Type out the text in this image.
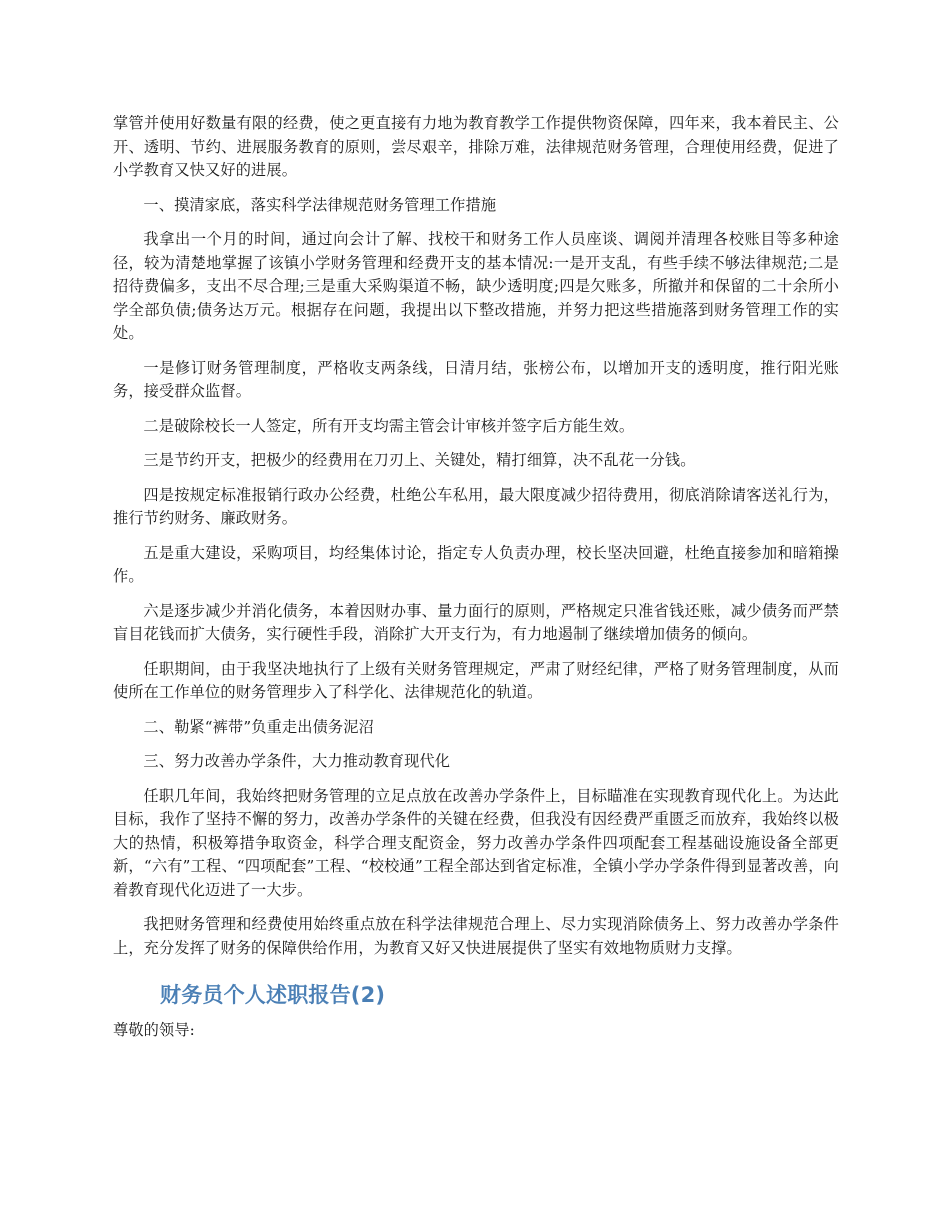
掌管并使用好数量有限的经费，使之更直接有力地为教育教学工作提供物资保障，四年来，我本着民主、公开、透明、节约、进展服务教育的原则，尝尽艰辛，排除万难，法律规范财务管理，合理使用经费，促进了小学教育又快又好的进展。

一、摸清家底，落实科学法律规范财务管理工作措施

我拿出一个月的时间，通过向会计了解、找校干和财务工作人员座谈、调阅并清理各校账目等多种途径，较为清楚地掌握了该镇小学财务管理和经费开支的基本情况:一是开支乱，有些手续不够法律规范;二是招待费偏多，支出不尽合理;三是重大采购渠道不畅，缺少透明度;四是欠账多，所撤并和保留的二十余所小学全部负债;债务达万元。根据存在问题，我提出以下整改措施，并努力把这些措施落到财务管理工作的实处。

一是修订财务管理制度，严格收支两条线，日清月结，张榜公布，以增加开支的透明度，推行阳光账务，接受群众监督。

二是破除校长一人签定，所有开支均需主管会计审核并签字后方能生效。

三是节约开支，把极少的经费用在刀刃上、关键处，精打细算，决不乱花一分钱。

四是按规定标准报销行政办公经费，杜绝公车私用，最大限度减少招待费用，彻底消除请客送礼行为，推行节约财务、廉政财务。

五是重大建设，采购项目，均经集体讨论，指定专人负责办理，校长坚决回避，杜绝直接参加和暗箱操作。

六是逐步减少并消化债务，本着因财办事、量力面行的原则，严格规定只准省钱还账，减少债务而严禁盲目花钱而扩大债务，实行硬性手段，消除扩大开支行为，有力地遏制了继续增加债务的倾向。

任职期间，由于我坚决地执行了上级有关财务管理规定，严肃了财经纪律，严格了财务管理制度，从而使所在工作单位的财务管理步入了科学化、法律规范化的轨道。

二、勒紧“裤带”负重走出债务泥沼

三、努力改善办学条件，大力推动教育现代化

任职几年间，我始终把财务管理的立足点放在改善办学条件上，目标瞄准在实现教育现代化上。为达此目标，我作了坚持不懈的努力，改善办学条件的关键在经费，但我没有因经费严重匮乏而放弃，我始终以极大的热情，积极筹措争取资金，科学合理支配资金，努力改善办学条件四项配套工程基础设施设备全部更新，“六有”工程、“四项配套”工程、“校校通”工程全部达到省定标准，全镇小学办学条件得到显著改善，向着教育现代化迈进了一大步。

我把财务管理和经费使用始终重点放在科学法律规范合理上、尽力实现消除债务上、努力改善办学条件上，充分发挥了财务的保障供给作用，为教育又好又快进展提供了坚实有效地物质财力支撑。

财务员个人述职报告(2)

尊敬的领导:
